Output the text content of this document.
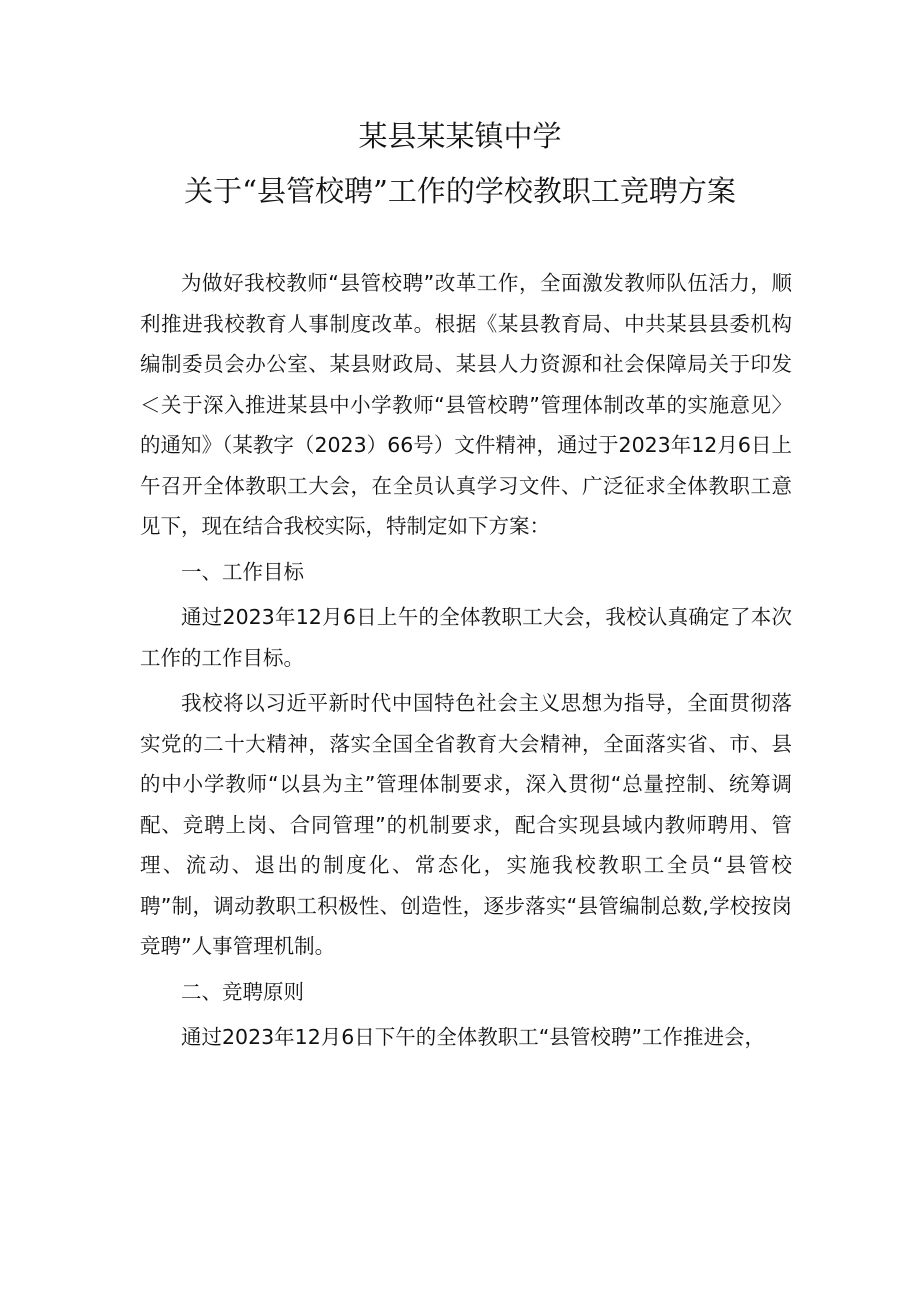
某县某某镇中学
关于“县管校聘”工作的学校教职工竞聘方案

为做好我校教师“县管校聘”改革工作，全面激发教师队伍活力，顺利推进我校教育人事制度改革。根据《某县教育局、中共某县县委机构编制委员会办公室、某县财政局、某县人力资源和社会保障局关于印发＜关于深入推进某县中小学教师“县管校聘”管理体制改革的实施意见〉的通知》（某教字（2023）66号）文件精神，通过于2023年12月6日上午召开全体教职工大会，在全员认真学习文件、广泛征求全体教职工意见下，现在结合我校实际，特制定如下方案：

一、工作目标

通过2023年12月6日上午的全体教职工大会，我校认真确定了本次工作的工作目标。

我校将以习近平新时代中国特色社会主义思想为指导，全面贯彻落实党的二十大精神，落实全国全省教育大会精神，全面落实省、市、县的中小学教师“以县为主”管理体制要求，深入贯彻“总量控制、统筹调配、竞聘上岗、合同管理”的机制要求，配合实现县域内教师聘用、管理、流动、退出的制度化、常态化，实施我校教职工全员“县管校聘”制，调动教职工积极性、创造性，逐步落实“县管编制总数,学校按岗竞聘”人事管理机制。

二、竞聘原则

通过2023年12月6日下午的全体教职工“县管校聘”工作推进会，
